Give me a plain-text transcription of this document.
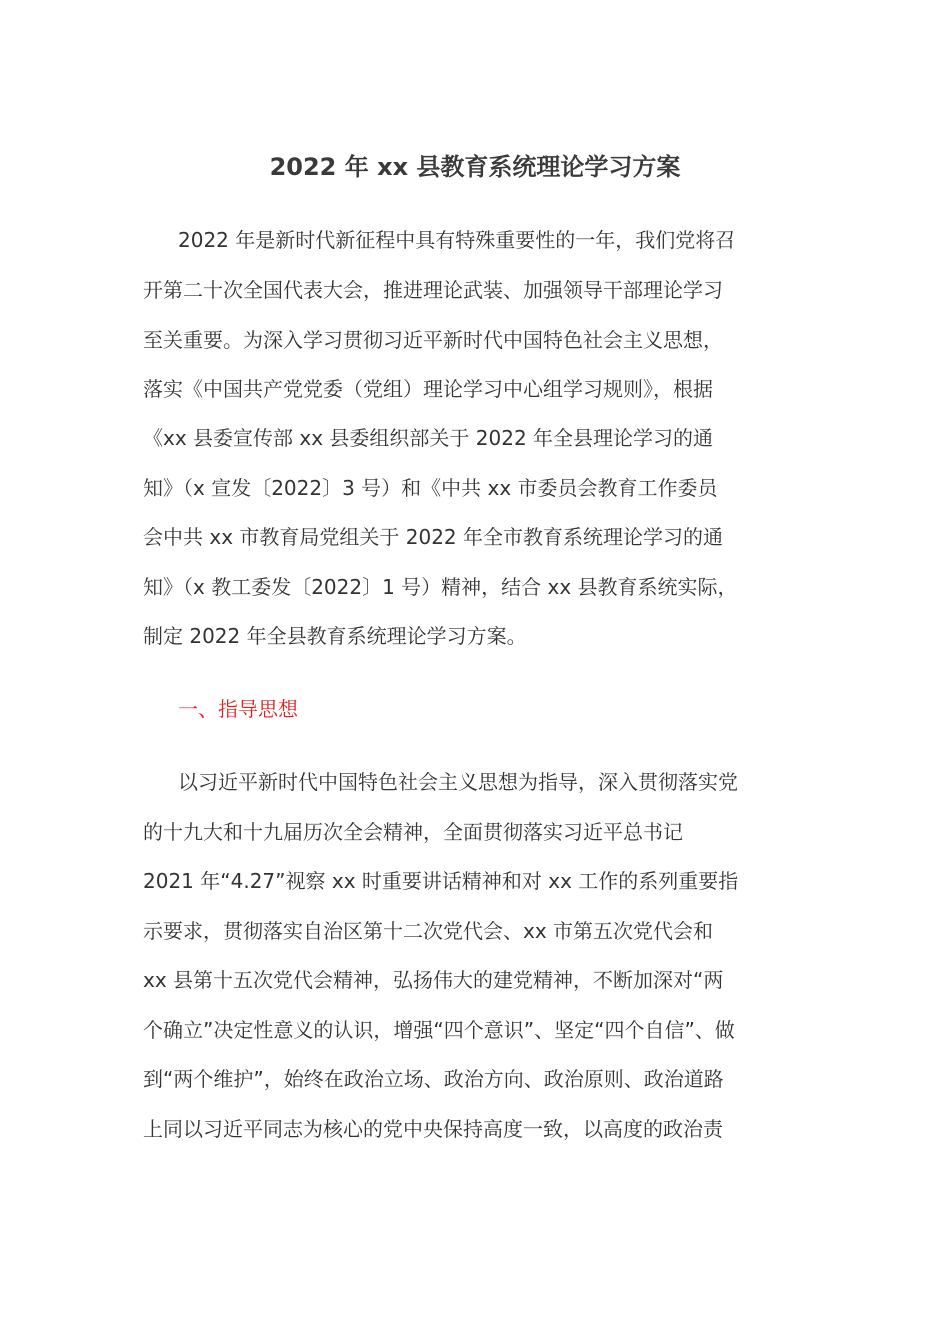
2022 年 xx 县教育系统理论学习方案
2022 年是新时代新征程中具有特殊重要性的一年，我们党将召
开第二十次全国代表大会，推进理论武装、加强领导干部理论学习
至关重要。为深入学习贯彻习近平新时代中国特色社会主义思想，
落实《中国共产党党委（党组）理论学习中心组学习规则》，根据
《xx 县委宣传部 xx 县委组织部关于 2022 年全县理论学习的通
知》（x 宣发〔2022〕3 号）和《中共 xx 市委员会教育工作委员
会中共 xx 市教育局党组关于 2022 年全市教育系统理论学习的通
知》（x 教工委发〔2022〕1 号）精神，结合 xx 县教育系统实际，
制定 2022 年全县教育系统理论学习方案。
一、指导思想
以习近平新时代中国特色社会主义思想为指导，深入贯彻落实党
的十九大和十九届历次全会精神，全面贯彻落实习近平总书记
2021 年“4.27”视察 xx 时重要讲话精神和对 xx 工作的系列重要指
示要求，贯彻落实自治区第十二次党代会、xx 市第五次党代会和
xx 县第十五次党代会精神，弘扬伟大的建党精神，不断加深对“两
个确立”决定性意义的认识，增强“四个意识”、坚定“四个自信”、做
到“两个维护”，始终在政治立场、政治方向、政治原则、政治道路
上同以习近平同志为核心的党中央保持高度一致，以高度的政治责
